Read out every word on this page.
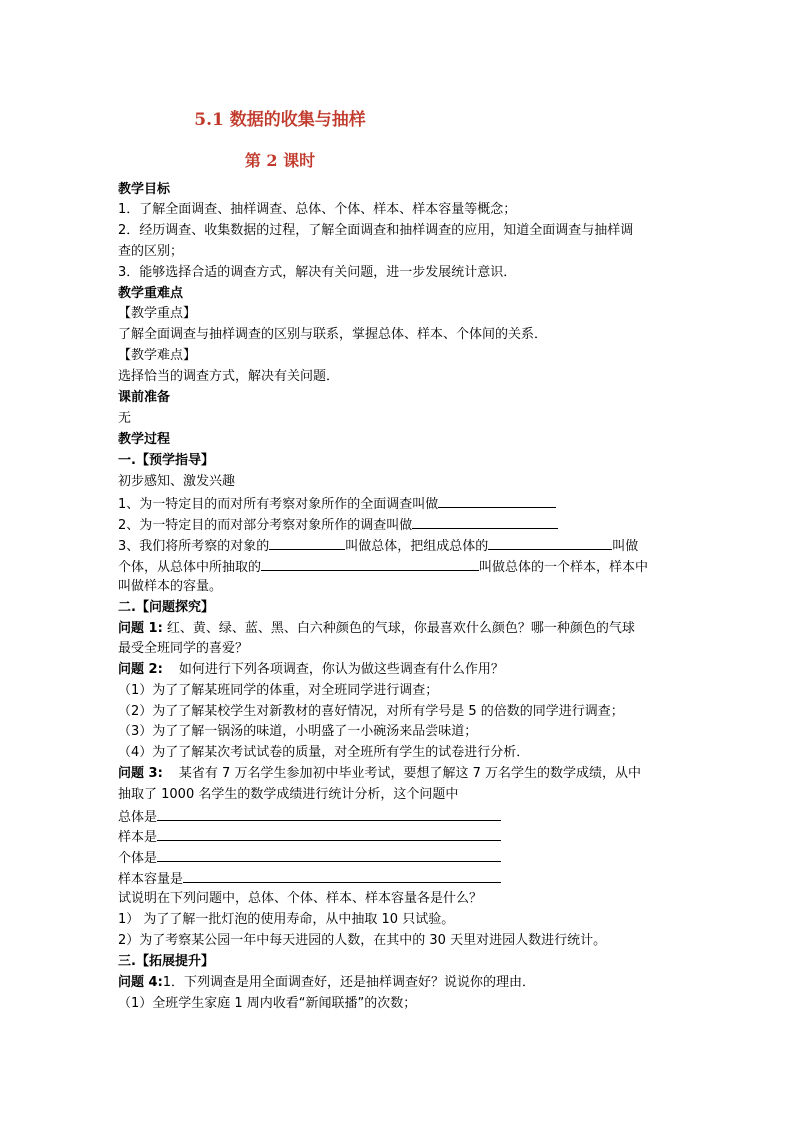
5.1 数据的收集与抽样
第 2 课时
教学目标
1．了解全面调查、抽样调查、总体、个体、样本、样本容量等概念；
2．经历调查、收集数据的过程，了解全面调查和抽样调查的应用，知道全面调查与抽样调
查的区别；
3．能够选择合适的调查方式，解决有关问题，进一步发展统计意识．
教学重难点
【教学重点】
了解全面调查与抽样调查的区别与联系，掌握总体、样本、个体间的关系．
【教学难点】
选择恰当的调查方式，解决有关问题．
课前准备
无
教学过程
一.【预学指导】
初步感知、激发兴趣
1、为一特定目的而对所有考察对象所作的全面调查叫做
2、为一特定目的而对部分考察对象所作的调查叫做
3、我们将所考察的对象的	叫做总体，把组成总体的	叫做
个体，从总体中所抽取的	叫做总体的一个样本，样本中
叫做样本的容量。
二.【问题探究】
问题 1: 红、黄、绿、蓝、黑、白六种颜色的气球，你最喜欢什么颜色？哪一种颜色的气球
最受全班同学的喜爱？
问题 2: 如何进行下列各项调查，你认为做这些调查有什么作用？
（1）为了了解某班同学的体重，对全班同学进行调查；
（2）为了了解某校学生对新教材的喜好情况，对所有学号是 5 的倍数的同学进行调查；
（3）为了了解一锅汤的味道，小明盛了一小碗汤来品尝味道；
（4）为了了解某次考试试卷的质量，对全班所有学生的试卷进行分析．
问题 3: 某省有 7 万名学生参加初中毕业考试，要想了解这 7 万名学生的数学成绩，从中
抽取了 1000 名学生的数学成绩进行统计分析，这个问题中
总体是
样本是
个体是
样本容量是
试说明在下列问题中，总体、个体、样本、样本容量各是什么？
1） 为了了解一批灯泡的使用寿命，从中抽取 10 只试验。
2）为了考察某公园一年中每天进园的人数，在其中的 30 天里对进园人数进行统计。
三.【拓展提升】
问题 4:1．下列调查是用全面调查好，还是抽样调查好？说说你的理由．
（1）全班学生家庭 1 周内收看“新闻联播”的次数；
